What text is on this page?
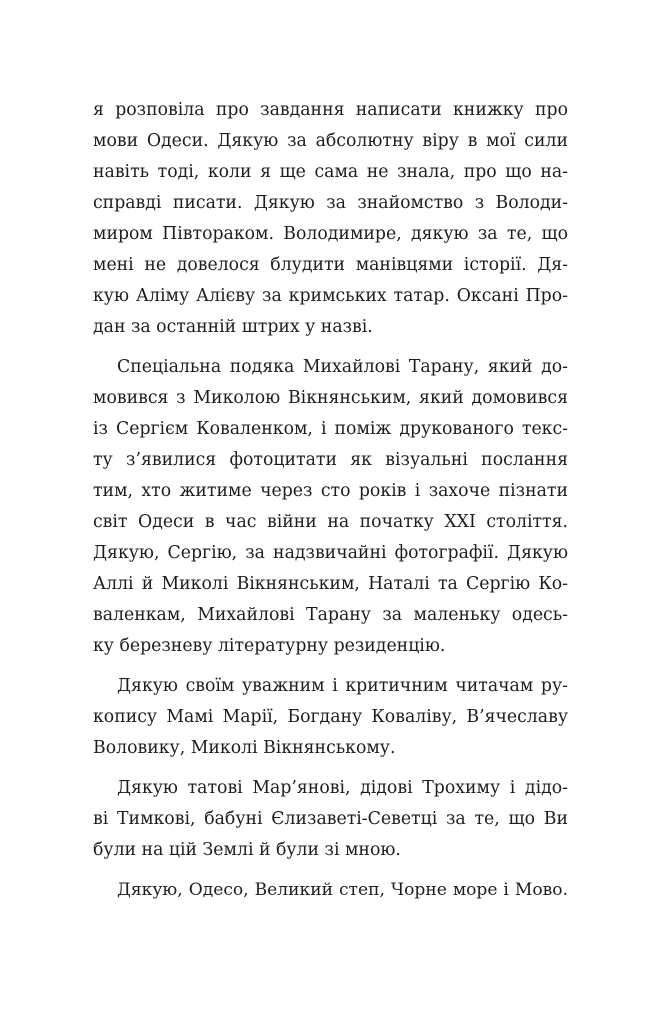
я розповіла про завдання написати книжку про
мови Одеси. Дякую за абсолютну віру в мої сили
навіть тоді, коли я ще сама не знала, про що на-
справді писати. Дякую за знайомство з Володи-
миром Півтораком. Володимире, дякую за те, що
мені не довелося блудити манівцями історії. Дя-
кую Аліму Алієву за кримських татар. Оксані Про-
дан за останній штрих у назві.
Спеціальна подяка Михайлові Тарану, який до-
мовився з Миколою Вікнянським, який домовився
із Сергієм Коваленком, і поміж друкованого текс-
ту з’явилися фотоцитати як візуальні послання
тим, хто житиме через сто років і захоче пізнати
світ Одеси в час війни на початку XXI століття.
Дякую, Сергію, за надзвичайні фотографії. Дякую
Аллі й Миколі Вікнянським, Наталі та Сергію Ко-
валенкам, Михайлові Тарану за маленьку одесь-
ку березневу літературну резиденцію.
Дякую своїм уважним і критичним читачам ру-
копису Мамі Марії, Богдану Коваліву, В’ячеславу
Воловику, Миколі Вікнянському.
Дякую татові Мар’янові, дідові Трохиму і дідо-
ві Тимкові, бабуні Єлизаветі-Севетці за те, що Ви
були на цій Землі й були зі мною.
Дякую, Одесо, Великий степ, Чорне море і Мово.
